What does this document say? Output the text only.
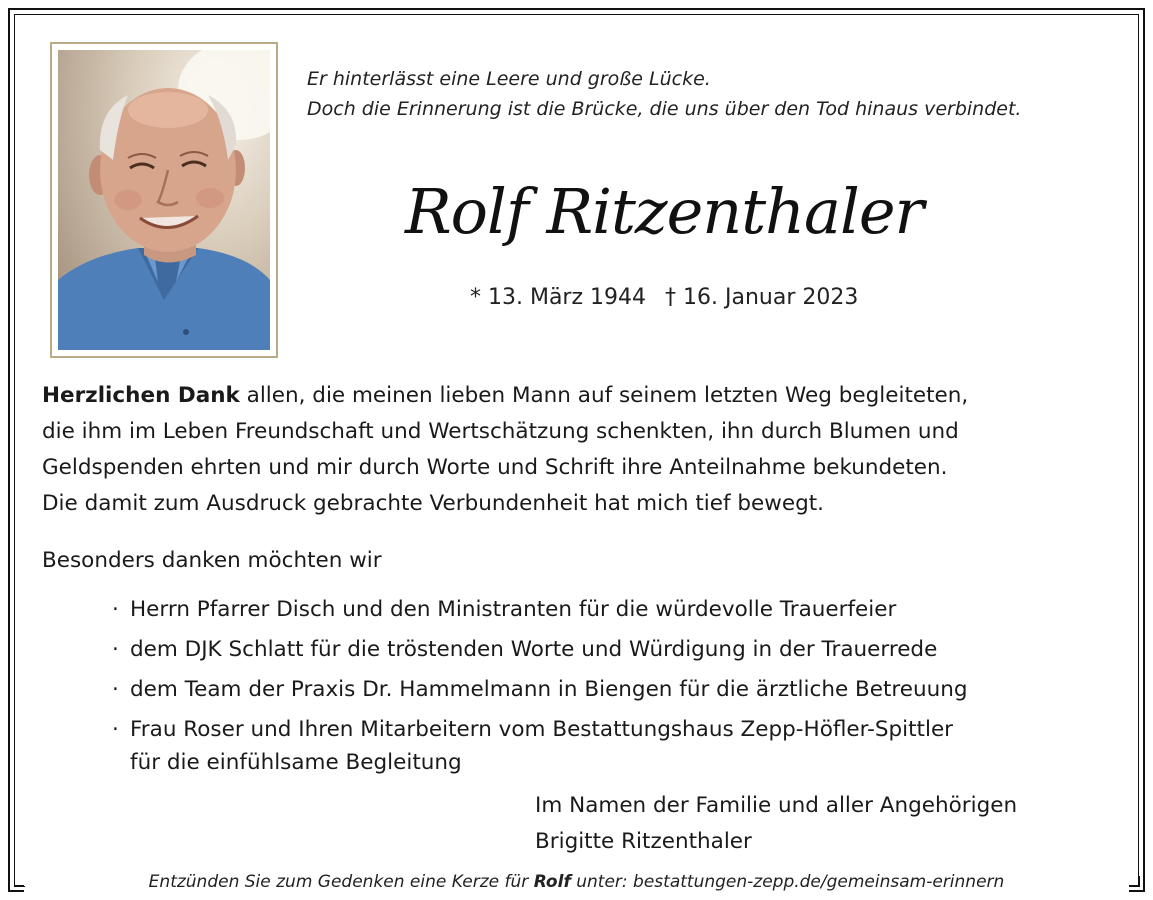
Er hinterlässt eine Leere und große Lücke.
Doch die Erinnerung ist die Brücke, die uns über den Tod hinaus verbindet.
Rolf Ritzenthaler
* 13. März 1944 † 16. Januar 2023
Herzlichen Dank allen, die meinen lieben Mann auf seinem letzten Weg begleiteten,
die ihm im Leben Freundschaft und Wertschätzung schenkten, ihn durch Blumen und
Geldspenden ehrten und mir durch Worte und Schrift ihre Anteilnahme bekundeten.
Die damit zum Ausdruck gebrachte Verbundenheit hat mich tief bewegt.
Besonders danken möchten wir
· Herrn Pfarrer Disch und den Ministranten für die würdevolle Trauerfeier
· dem DJK Schlatt für die tröstenden Worte und Würdigung in der Trauerrede
· dem Team der Praxis Dr. Hammelmann in Biengen für die ärztliche Betreuung
· Frau Roser und Ihren Mitarbeitern vom Bestattungshaus Zepp-Höfler-Spittler
für die einfühlsame Begleitung
Im Namen der Familie und aller Angehörigen
Brigitte Ritzenthaler
Entzünden Sie zum Gedenken eine Kerze für Rolf unter: bestattungen-zepp.de/gemeinsam-erinnern
